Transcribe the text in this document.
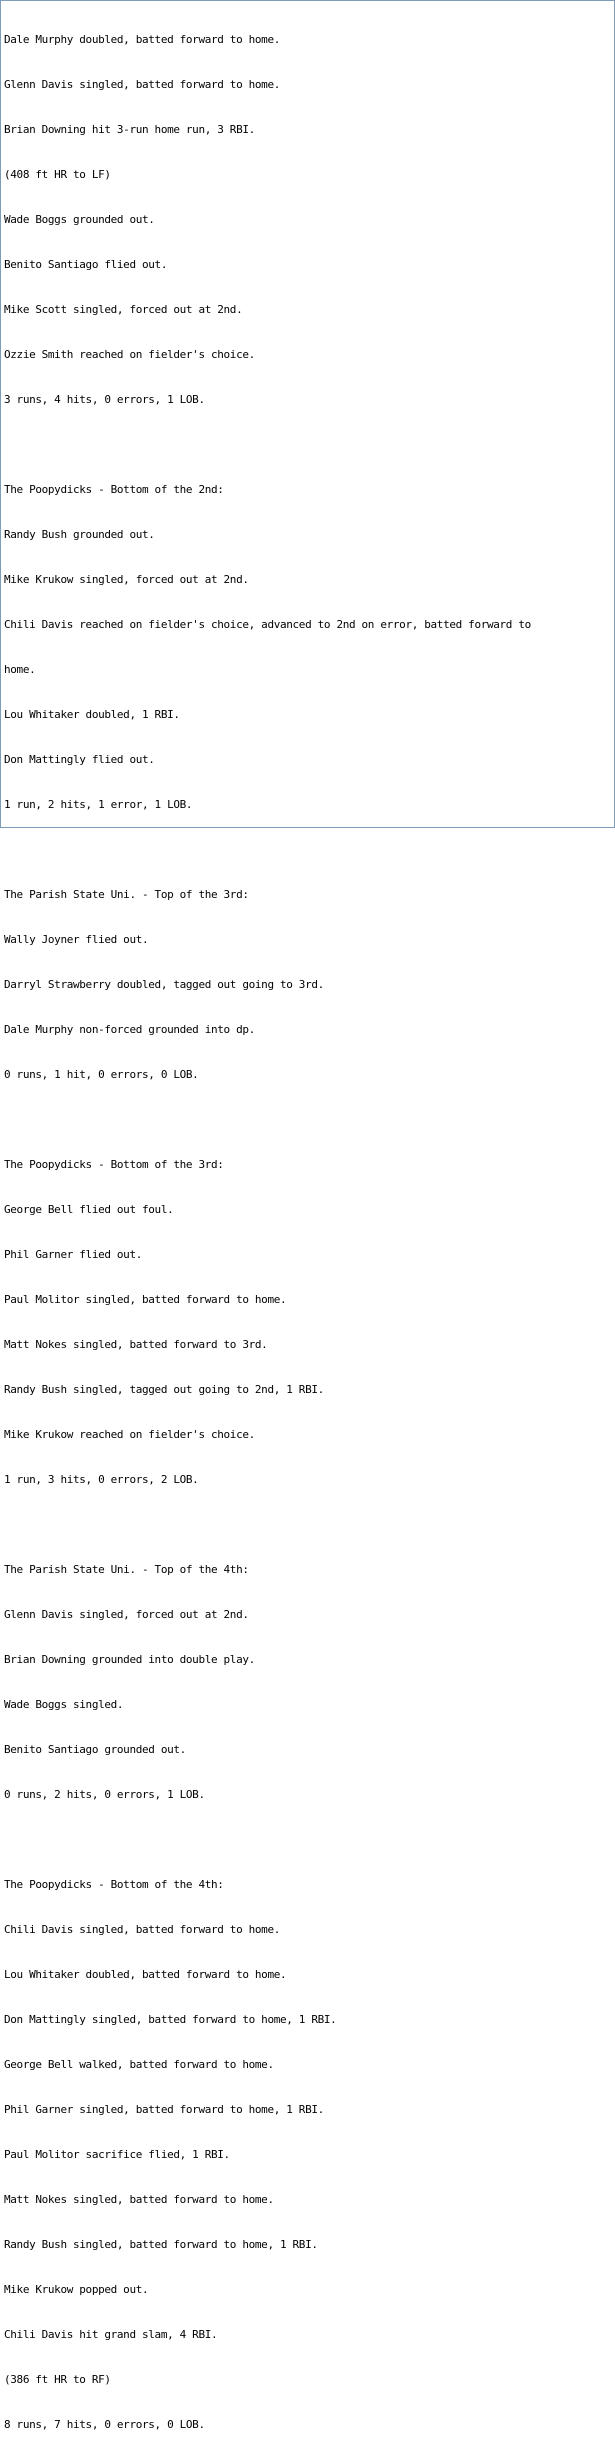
Dale Murphy doubled, batted forward to home.

Glenn Davis singled, batted forward to home.

Brian Downing hit 3-run home run, 3 RBI.

(408 ft HR to LF)

Wade Boggs grounded out.

Benito Santiago flied out.

Mike Scott singled, forced out at 2nd.

Ozzie Smith reached on fielder's choice.

3 runs, 4 hits, 0 errors, 1 LOB.

The Poopydicks - Bottom of the 2nd:

Randy Bush grounded out.

Mike Krukow singled, forced out at 2nd.

Chili Davis reached on fielder's choice, advanced to 2nd on error, batted forward to

home.

Lou Whitaker doubled, 1 RBI.

Don Mattingly flied out.

1 run, 2 hits, 1 error, 1 LOB.

The Parish State Uni. - Top of the 3rd:

Wally Joyner flied out.

Darryl Strawberry doubled, tagged out going to 3rd.

Dale Murphy non-forced grounded into dp.

0 runs, 1 hit, 0 errors, 0 LOB.

The Poopydicks - Bottom of the 3rd:

George Bell flied out foul.

Phil Garner flied out.

Paul Molitor singled, batted forward to home.

Matt Nokes singled, batted forward to 3rd.

Randy Bush singled, tagged out going to 2nd, 1 RBI.

Mike Krukow reached on fielder's choice.

1 run, 3 hits, 0 errors, 2 LOB.

The Parish State Uni. - Top of the 4th:

Glenn Davis singled, forced out at 2nd.

Brian Downing grounded into double play.

Wade Boggs singled.

Benito Santiago grounded out.

0 runs, 2 hits, 0 errors, 1 LOB.

The Poopydicks - Bottom of the 4th:

Chili Davis singled, batted forward to home.

Lou Whitaker doubled, batted forward to home.

Don Mattingly singled, batted forward to home, 1 RBI.

George Bell walked, batted forward to home.

Phil Garner singled, batted forward to home, 1 RBI.

Paul Molitor sacrifice flied, 1 RBI.

Matt Nokes singled, batted forward to home.

Randy Bush singled, batted forward to home, 1 RBI.

Mike Krukow popped out.

Chili Davis hit grand slam, 4 RBI.

(386 ft HR to RF)

8 runs, 7 hits, 0 errors, 0 LOB.
